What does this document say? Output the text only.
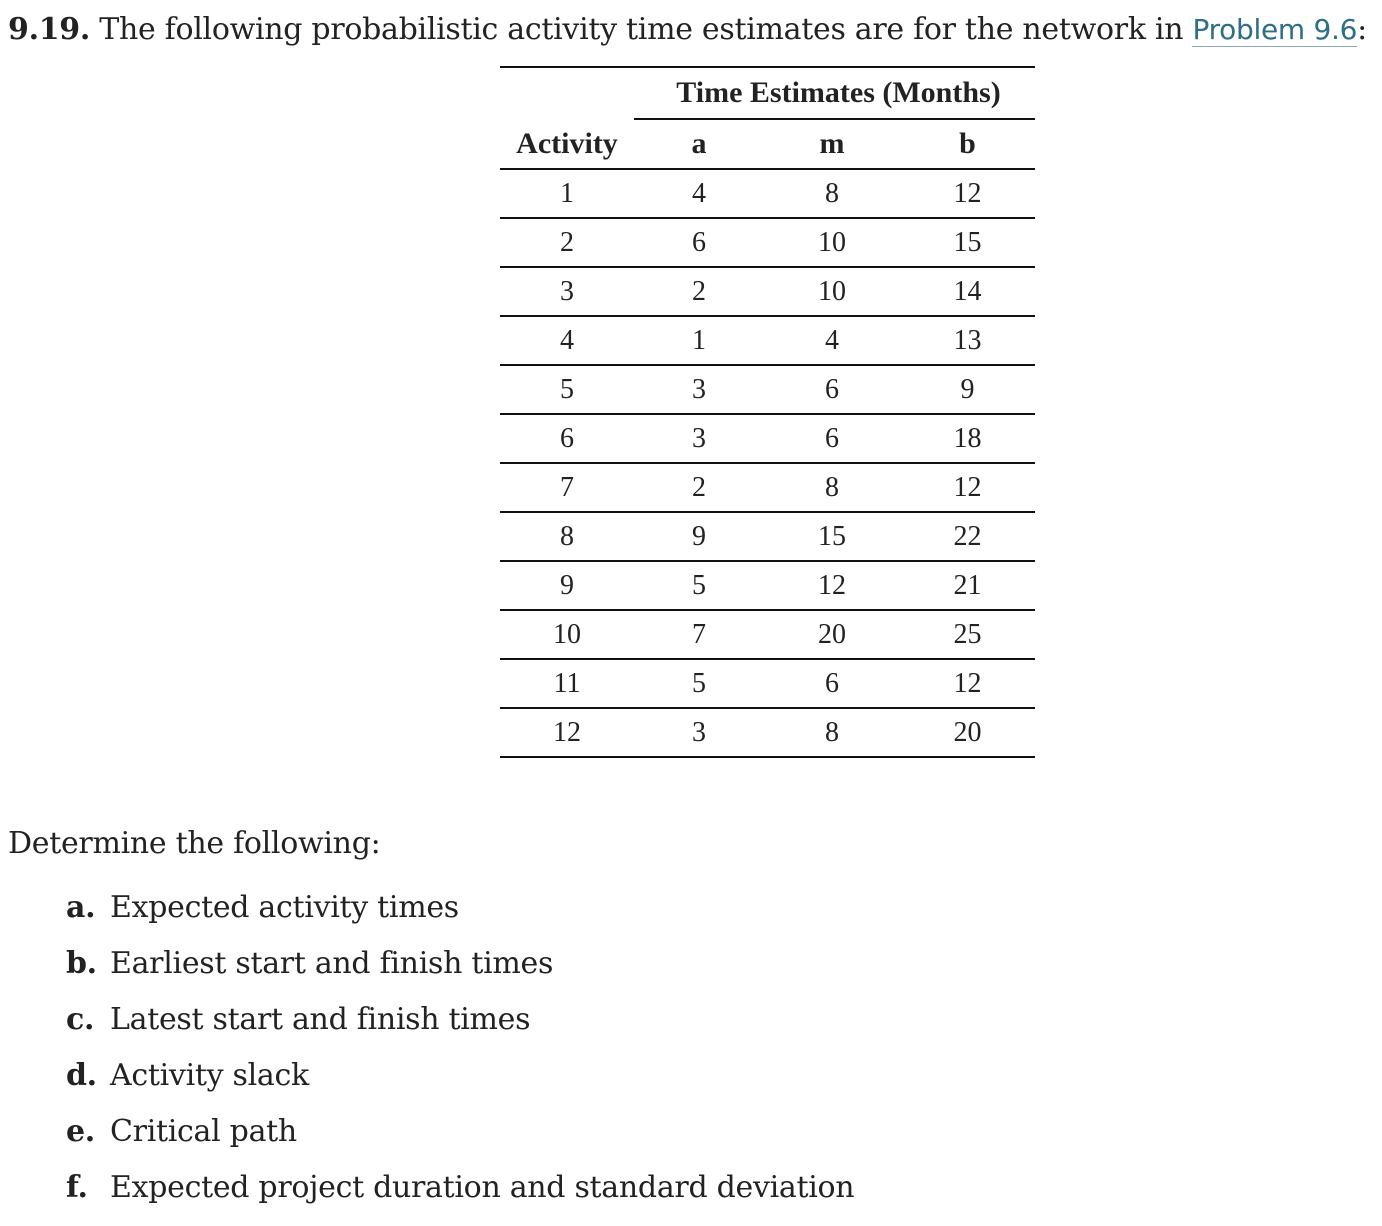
9.19. The following probabilistic activity time estimates are for the network in Problem 9.6:
	Time Estimates (Months)		
Activity	a	m	b
1	4	8	12
2	6	10	15
3	2	10	14
4	1	4	13
5	3	6	9
6	3	6	18
7	2	8	12
8	9	15	22
9	5	12	21
10	7	20	25
11	5	6	12
12	3	8	20
Determine the following:
a. Expected activity times
b. Earliest start and finish times
c. Latest start and finish times
d. Activity slack
e. Critical path
f. Expected project duration and standard deviation
